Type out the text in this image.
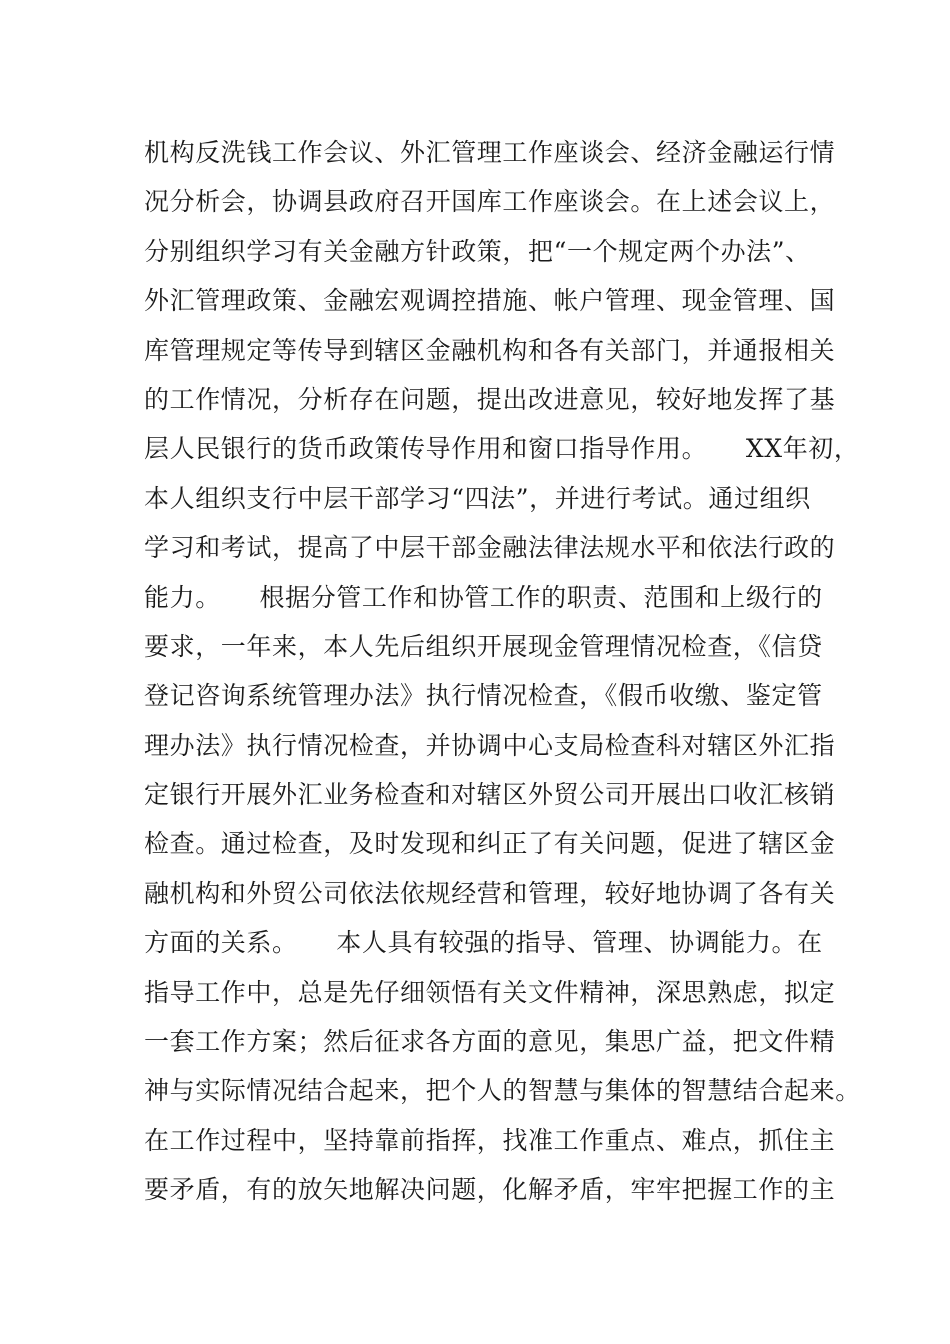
机构反洗钱工作会议、外汇管理工作座谈会、经济金融运行情
况分析会，协调县政府召开国库工作座谈会。在上述会议上，
分别组织学习有关金融方针政策，把“一个规定两个办法”、
外汇管理政策、金融宏观调控措施、帐户管理、现金管理、国
库管理规定等传导到辖区金融机构和各有关部门，并通报相关
的工作情况，分析存在问题，提出改进意见，较好地发挥了基
层人民银行的货币政策传导作用和窗口指导作用。　　XX年初，
本人组织支行中层干部学习“四法”，并进行考试。通过组织
学习和考试，提高了中层干部金融法律法规水平和依法行政的
能力。　　根据分管工作和协管工作的职责、范围和上级行的
要求，一年来，本人先后组织开展现金管理情况检查，《信贷
登记咨询系统管理办法》执行情况检查，《假币收缴、鉴定管
理办法》执行情况检查，并协调中心支局检查科对辖区外汇指
定银行开展外汇业务检查和对辖区外贸公司开展出口收汇核销
检查。通过检查，及时发现和纠正了有关问题，促进了辖区金
融机构和外贸公司依法依规经营和管理，较好地协调了各有关
方面的关系。　　本人具有较强的指导、管理、协调能力。在
指导工作中，总是先仔细领悟有关文件精神，深思熟虑，拟定
一套工作方案；然后征求各方面的意见，集思广益，把文件精
神与实际情况结合起来，把个人的智慧与集体的智慧结合起来。
在工作过程中，坚持靠前指挥，找准工作重点、难点，抓住主
要矛盾，有的放矢地解决问题，化解矛盾，牢牢把握工作的主
